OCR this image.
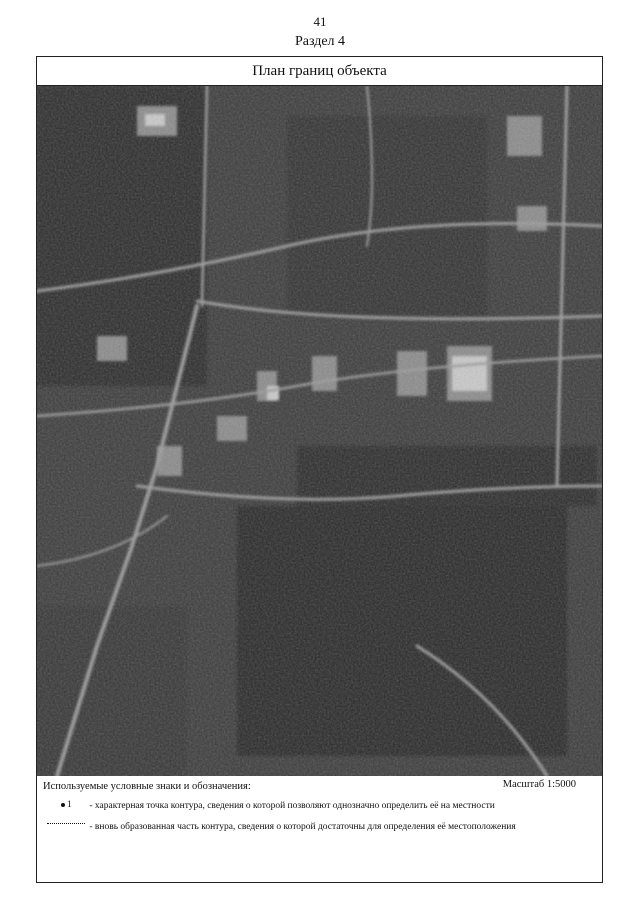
41
Раздел 4
План границ объекта
Используемые условные знаки и обозначения:	Масштаб 1:5000
1 - характерная точка контура, сведения о которой позволяют однозначно определить её на местности
- вновь образованная часть контура, сведения о которой достаточны для определения её местоположения
